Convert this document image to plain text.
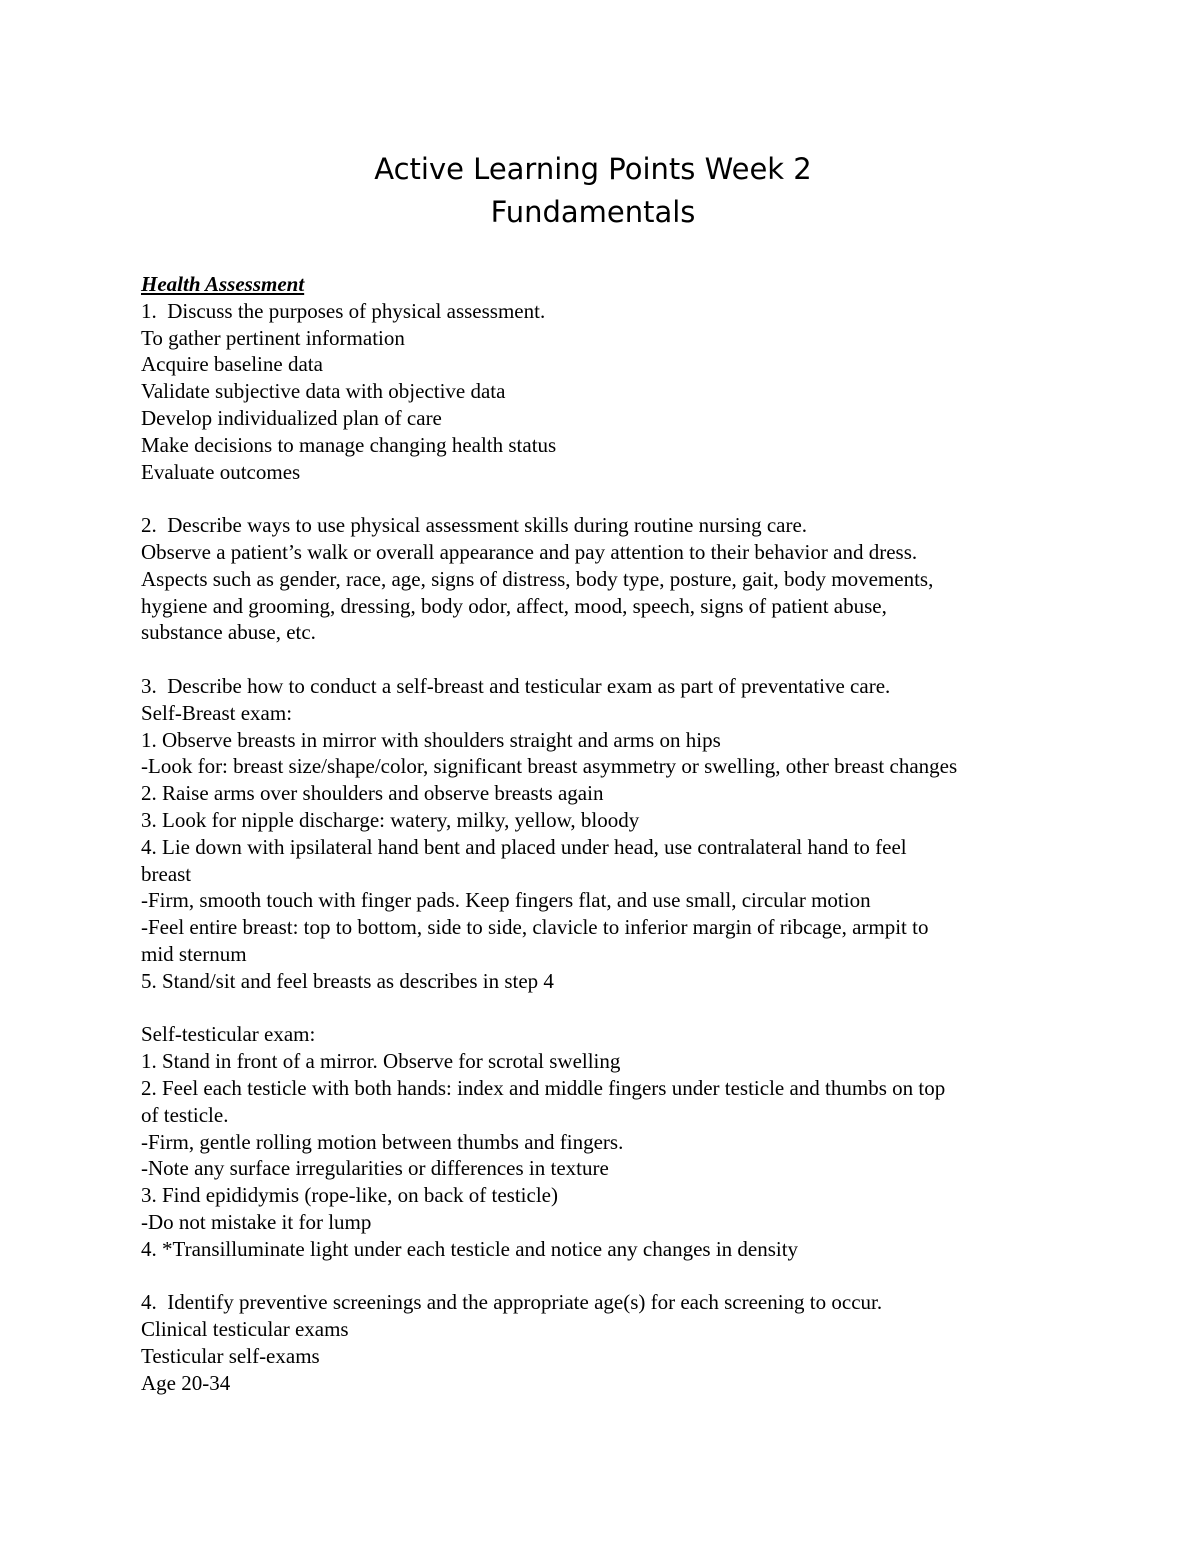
Active Learning Points Week 2
Fundamentals
Health Assessment
1.  Discuss the purposes of physical assessment.
To gather pertinent information
Acquire baseline data
Validate subjective data with objective data
Develop individualized plan of care
Make decisions to manage changing health status
Evaluate outcomes
2.  Describe ways to use physical assessment skills during routine nursing care.
Observe a patient’s walk or overall appearance and pay attention to their behavior and dress.
Aspects such as gender, race, age, signs of distress, body type, posture, gait, body movements,
hygiene and grooming, dressing, body odor, affect, mood, speech, signs of patient abuse,
substance abuse, etc.
3.  Describe how to conduct a self-breast and testicular exam as part of preventative care.
Self-Breast exam:
1. Observe breasts in mirror with shoulders straight and arms on hips
-Look for: breast size/shape/color, significant breast asymmetry or swelling, other breast changes
2. Raise arms over shoulders and observe breasts again
3. Look for nipple discharge: watery, milky, yellow, bloody
4. Lie down with ipsilateral hand bent and placed under head, use contralateral hand to feel
breast
-Firm, smooth touch with finger pads. Keep fingers flat, and use small, circular motion
-Feel entire breast: top to bottom, side to side, clavicle to inferior margin of ribcage, armpit to
mid sternum
5. Stand/sit and feel breasts as describes in step 4
Self-testicular exam:
1. Stand in front of a mirror. Observe for scrotal swelling
2. Feel each testicle with both hands: index and middle fingers under testicle and thumbs on top
of testicle.
-Firm, gentle rolling motion between thumbs and fingers.
-Note any surface irregularities or differences in texture
3. Find epididymis (rope-like, on back of testicle)
-Do not mistake it for lump
4. *Transilluminate light under each testicle and notice any changes in density
4.  Identify preventive screenings and the appropriate age(s) for each screening to occur.
Clinical testicular exams
Testicular self-exams
Age 20-34
